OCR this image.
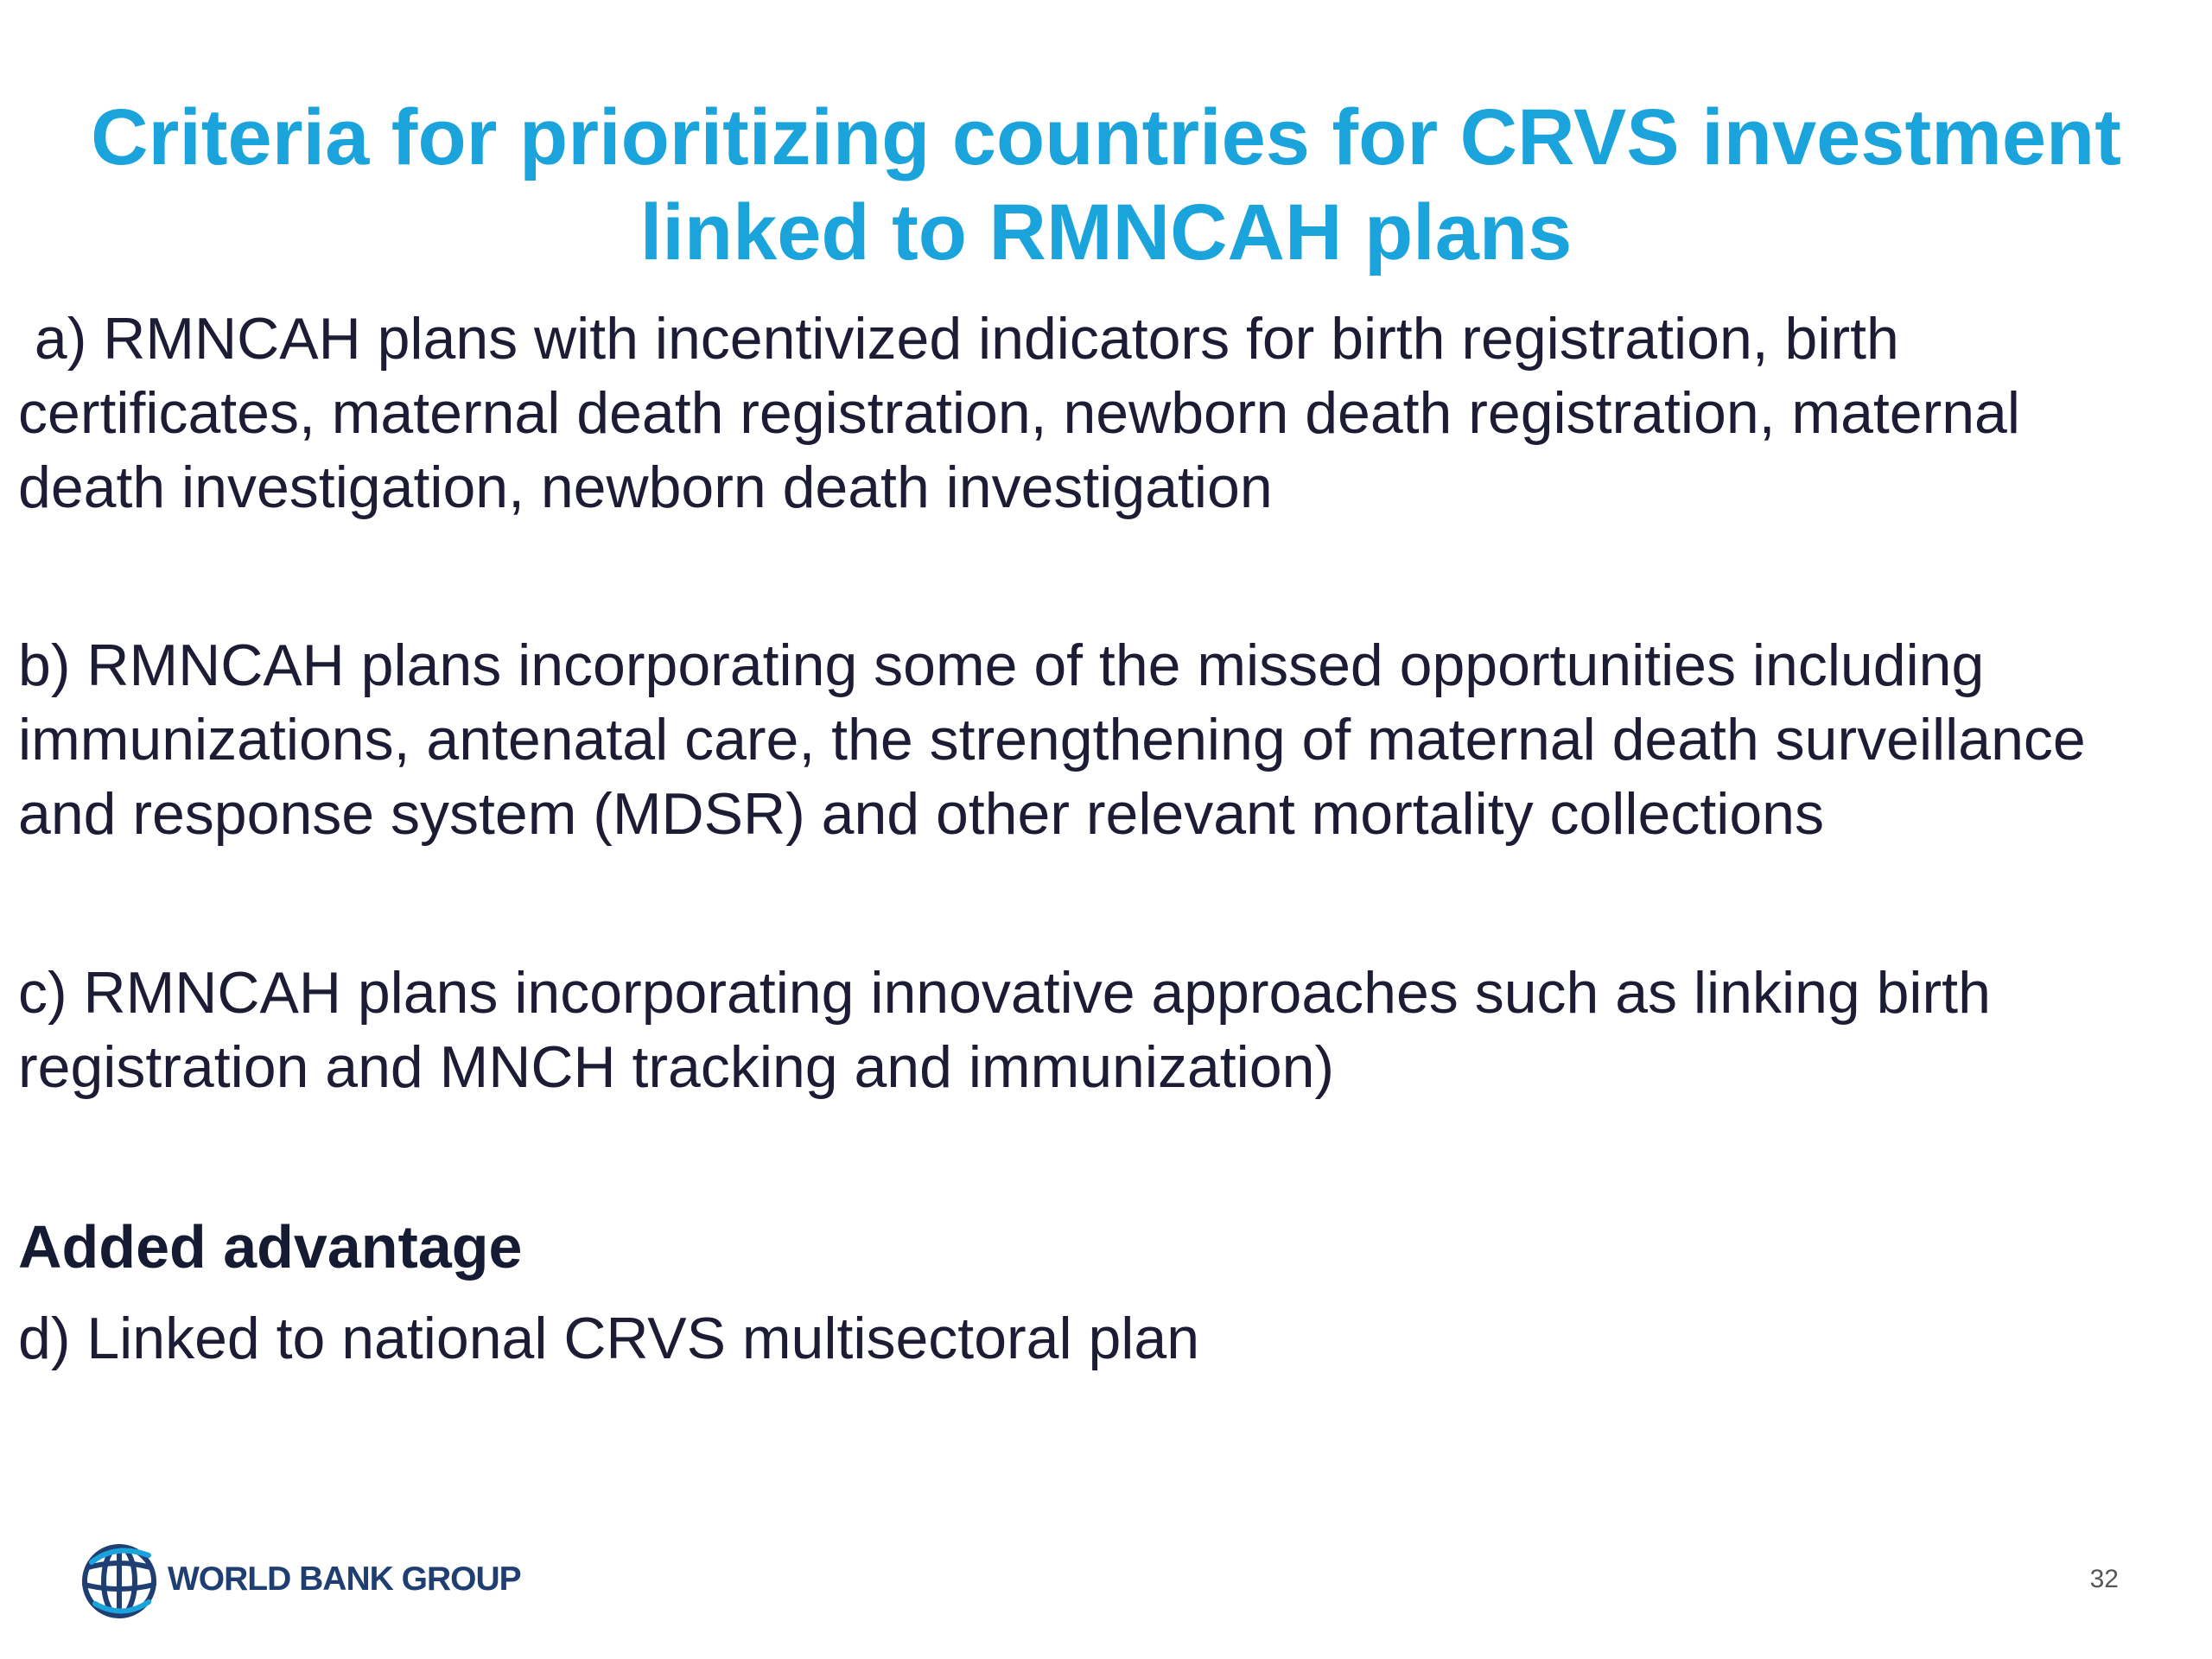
Criteria for prioritizing countries for CRVS investment
linked to RMNCAH plans

a) RMNCAH plans with incentivized indicators for birth registration, birth
certificates, maternal death registration, newborn death registration, maternal
death investigation, newborn death investigation

b) RMNCAH plans incorporating some of the missed opportunities including
immunizations, antenatal care, the strengthening of maternal death surveillance
and response system (MDSR) and other relevant mortality collections

c) RMNCAH plans incorporating innovative approaches such as linking birth
registration and MNCH tracking and immunization)

Added advantage

d) Linked to national CRVS multisectoral plan

WORLD BANK GROUP	32
